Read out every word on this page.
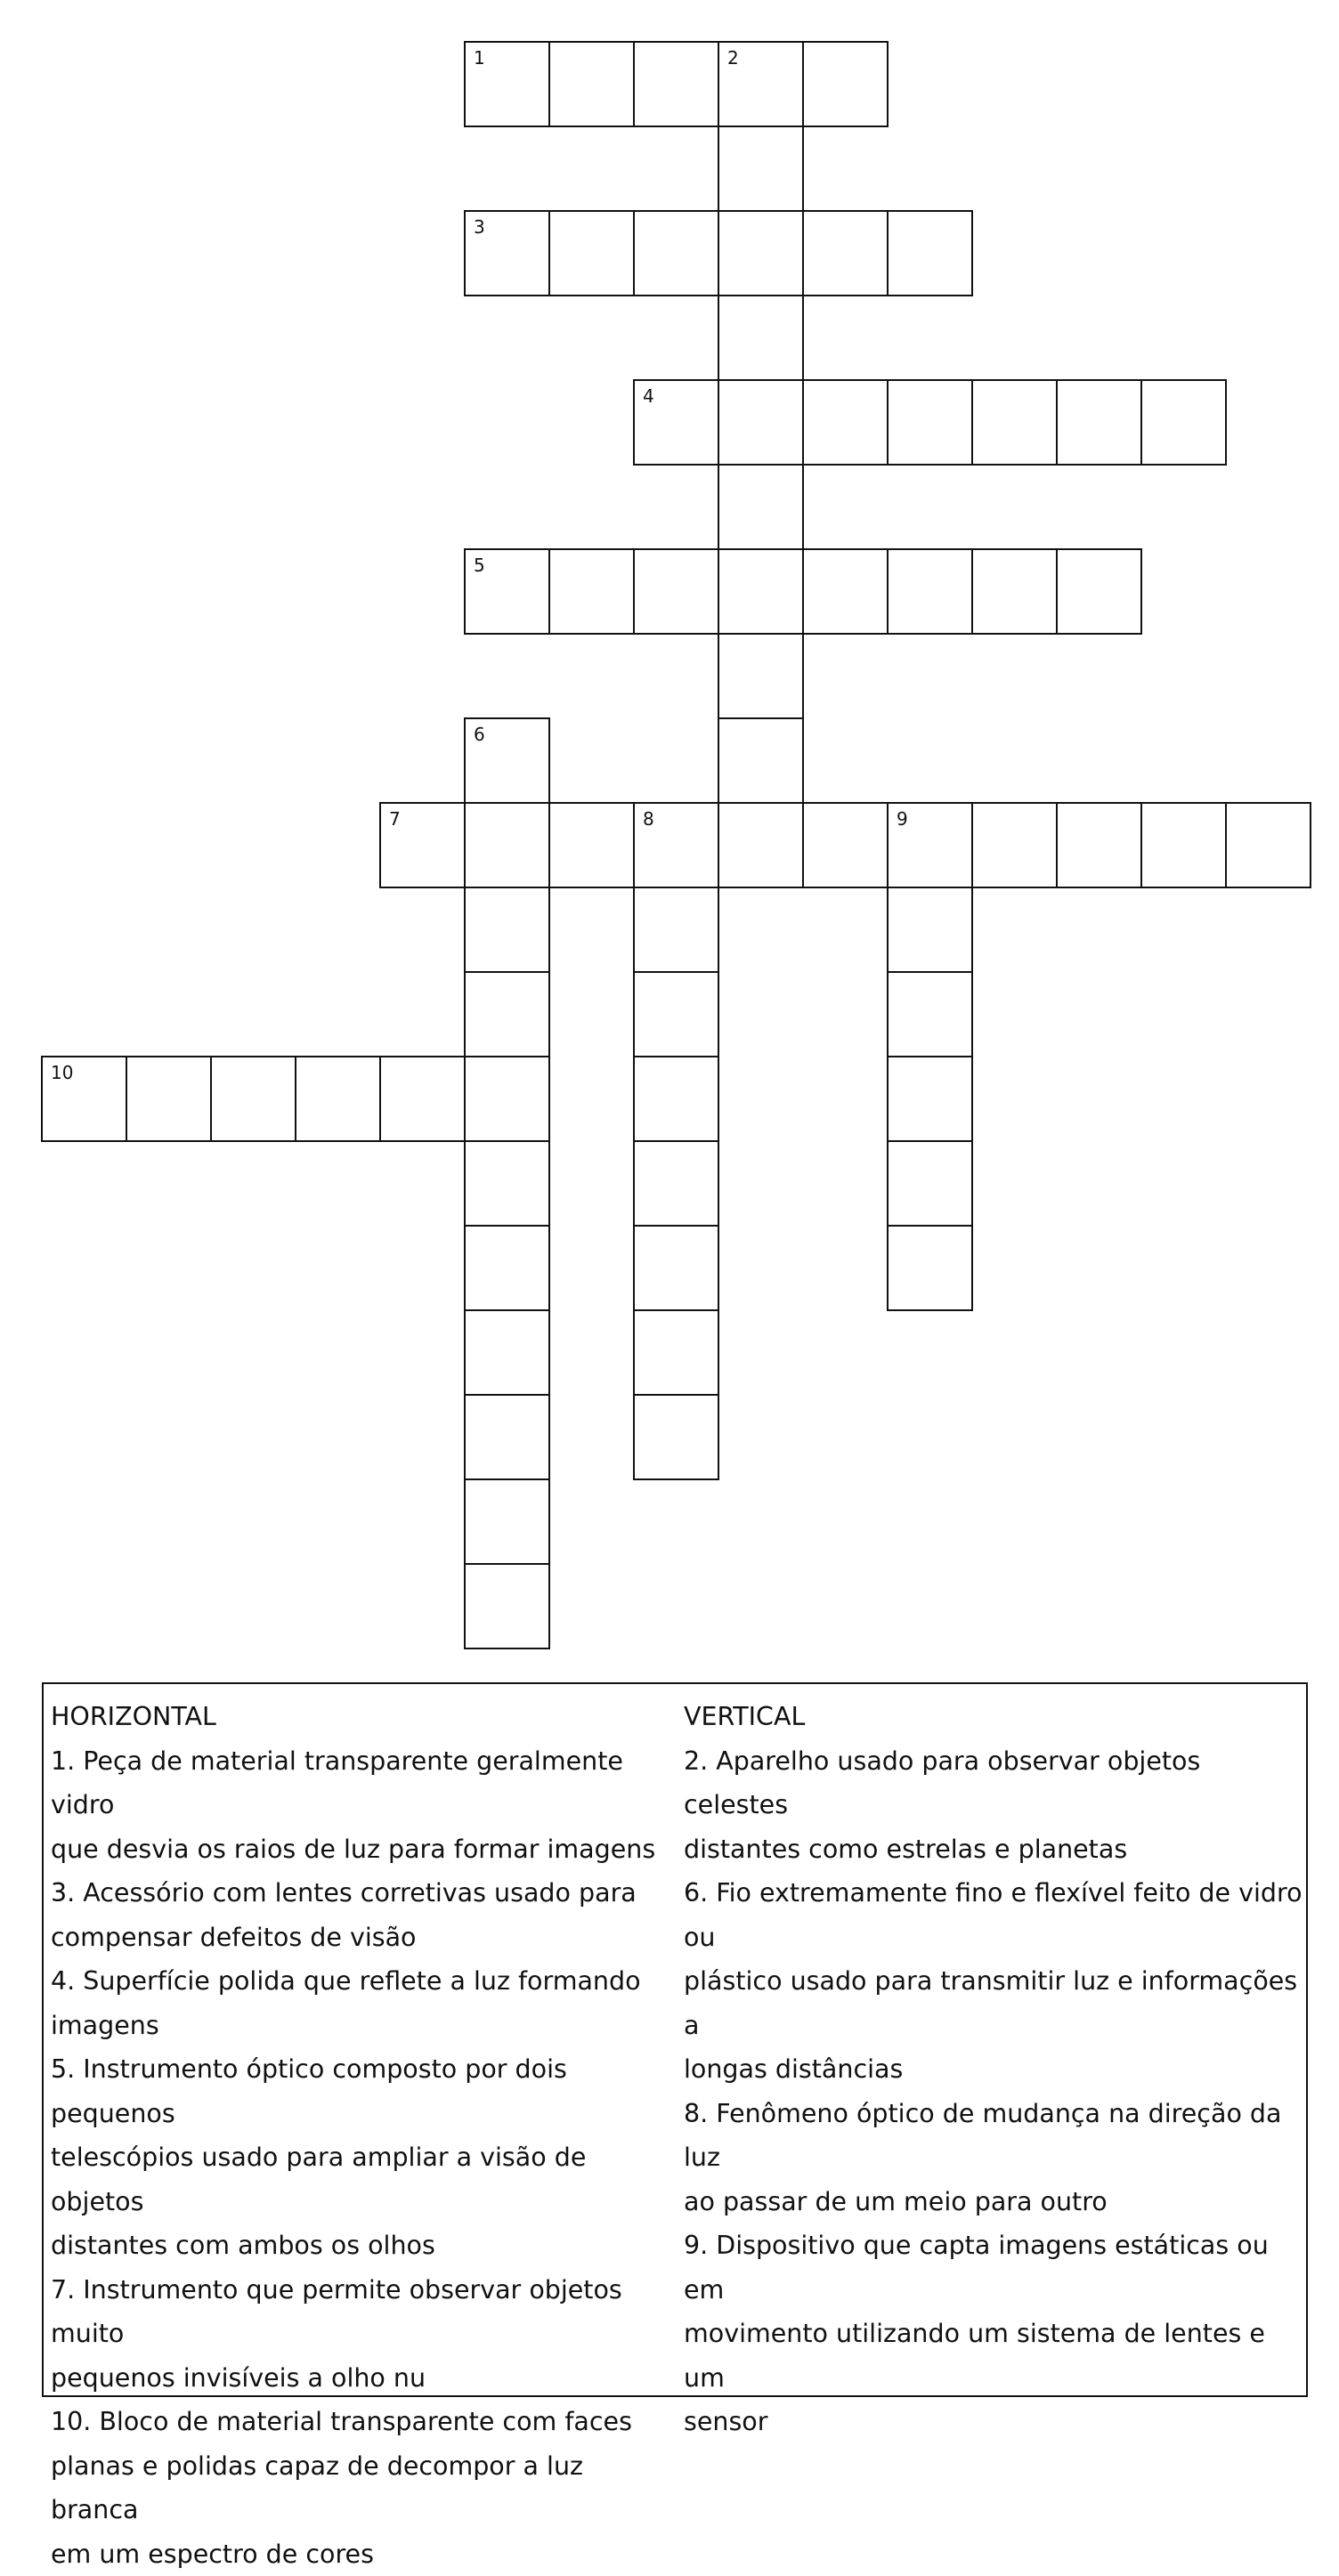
1	2
3
4
5
6
7	8	9
10

HORIZONTAL

1. Peça de material transparente geralmente vidro

que desvia os raios de luz para formar imagens

3. Acessório com lentes corretivas usado para

compensar defeitos de visão

4. Superfície polida que reflete a luz formando

imagens

5. Instrumento óptico composto por dois pequenos

telescópios usado para ampliar a visão de objetos

distantes com ambos os olhos

7. Instrumento que permite observar objetos muito

pequenos invisíveis a olho nu

10. Bloco de material transparente com faces

planas e polidas capaz de decompor a luz branca

em um espectro de cores

VERTICAL

2. Aparelho usado para observar objetos celestes

distantes como estrelas e planetas

6. Fio extremamente fino e flexível feito de vidro ou

plástico usado para transmitir luz e informações a

longas distâncias

8. Fenômeno óptico de mudança na direção da luz

ao passar de um meio para outro

9. Dispositivo que capta imagens estáticas ou em

movimento utilizando um sistema de lentes e um

sensor
